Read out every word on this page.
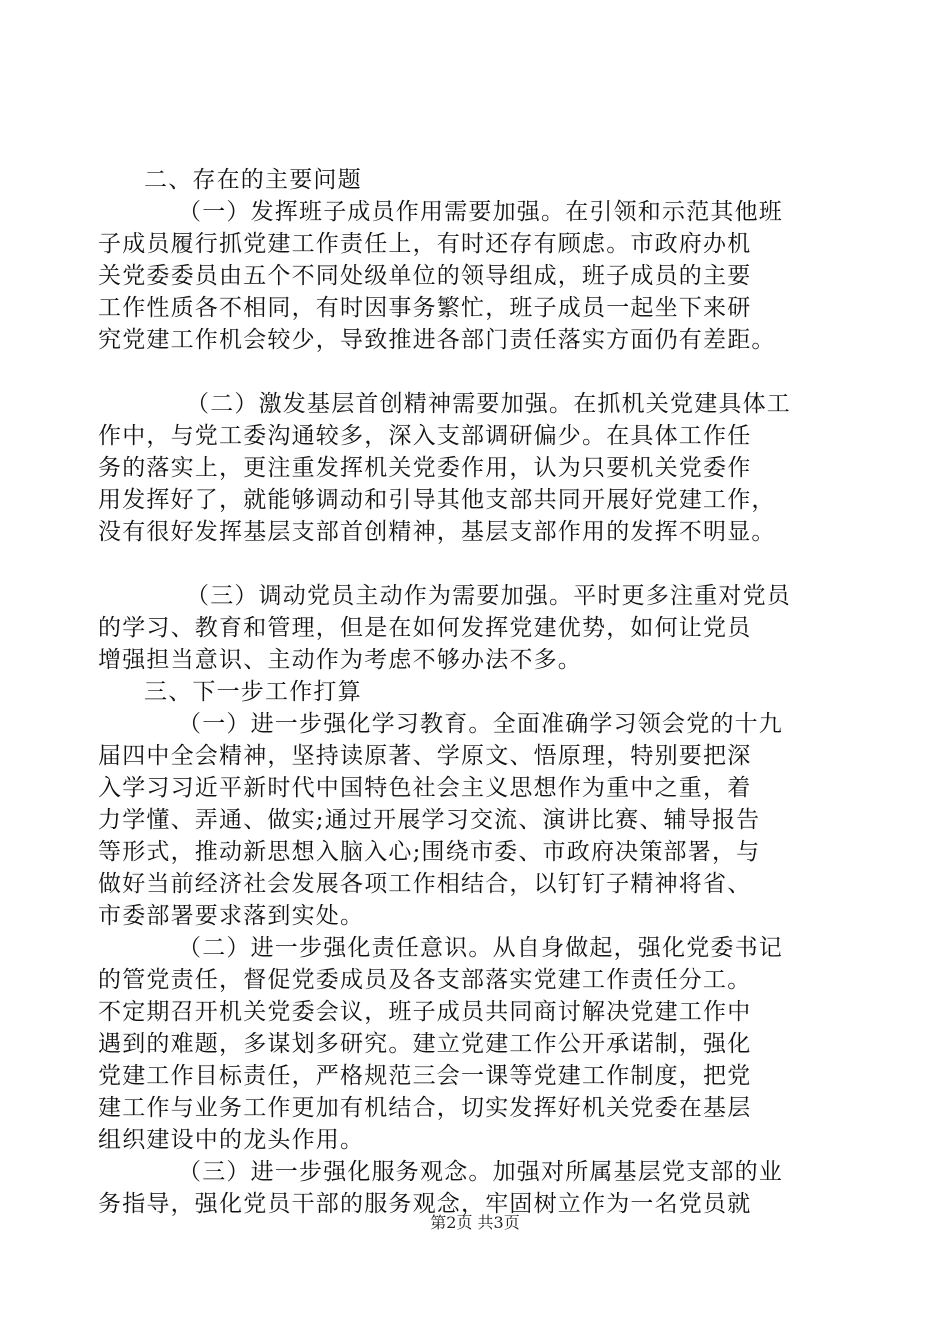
二、存在的主要问题
（一）发挥班子成员作用需要加强。在引领和示范其他班
子成员履行抓党建工作责任上，有时还存有顾虑。市政府办机
关党委委员由五个不同处级单位的领导组成，班子成员的主要
工作性质各不相同，有时因事务繁忙，班子成员一起坐下来研
究党建工作机会较少，导致推进各部门责任落实方面仍有差距。
（二）激发基层首创精神需要加强。在抓机关党建具体工
作中，与党工委沟通较多，深入支部调研偏少。在具体工作任
务的落实上，更注重发挥机关党委作用，认为只要机关党委作
用发挥好了，就能够调动和引导其他支部共同开展好党建工作，
没有很好发挥基层支部首创精神，基层支部作用的发挥不明显。
（三）调动党员主动作为需要加强。平时更多注重对党员
的学习、教育和管理，但是在如何发挥党建优势，如何让党员
增强担当意识、主动作为考虑不够办法不多。
三、下一步工作打算
（一）进一步强化学习教育。全面准确学习领会党的十九
届四中全会精神，坚持读原著、学原文、悟原理，特别要把深
入学习习近平新时代中国特色社会主义思想作为重中之重，着
力学懂、弄通、做实;通过开展学习交流、演讲比赛、辅导报告
等形式，推动新思想入脑入心;围绕市委、市政府决策部署，与
做好当前经济社会发展各项工作相结合，以钉钉子精神将省、
市委部署要求落到实处。
（二）进一步强化责任意识。从自身做起，强化党委书记
的管党责任，督促党委成员及各支部落实党建工作责任分工。
不定期召开机关党委会议，班子成员共同商讨解决党建工作中
遇到的难题，多谋划多研究。建立党建工作公开承诺制，强化
党建工作目标责任，严格规范三会一课等党建工作制度，把党
建工作与业务工作更加有机结合，切实发挥好机关党委在基层
组织建设中的龙头作用。
（三）进一步强化服务观念。加强对所属基层党支部的业
务指导，强化党员干部的服务观念，牢固树立作为一名党员就
第2页 共3页
